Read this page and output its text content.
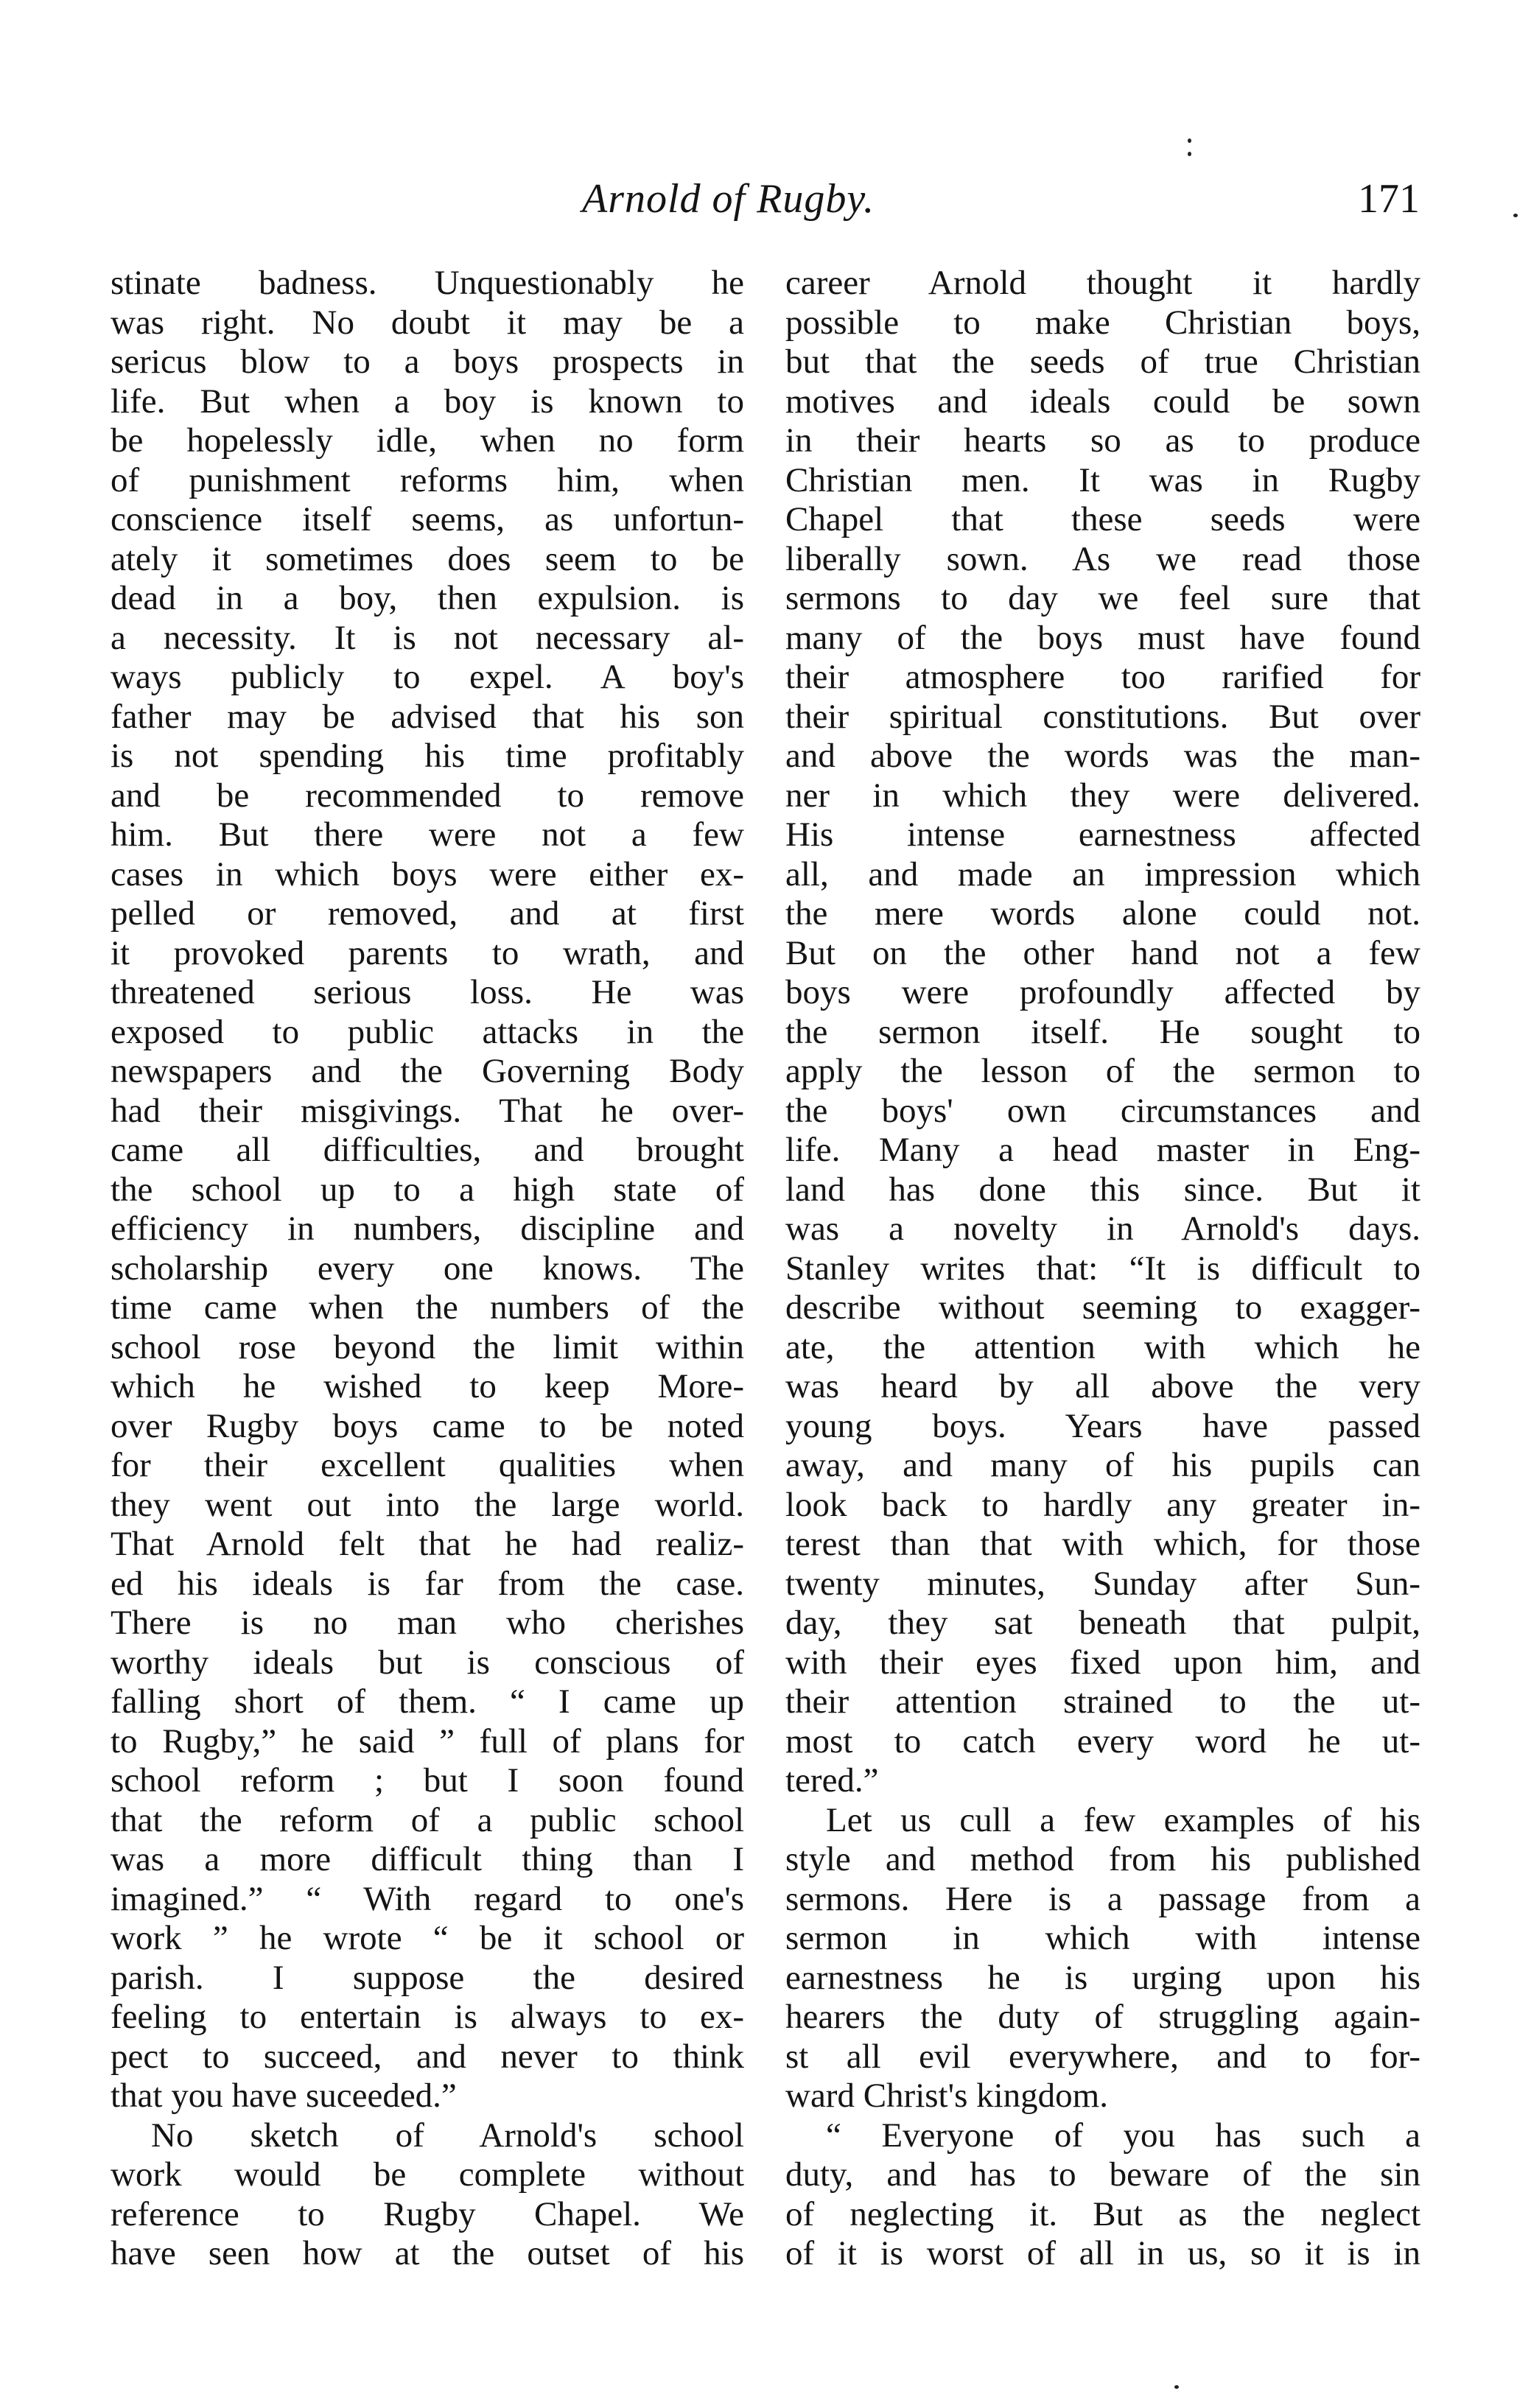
Arnold of Rugby.	171
stinate badness. Unquestionably he
was right. No doubt it may be a
sericus blow to a boys prospects in
life. But when a boy is known to
be hopelessly idle, when no form
of punishment reforms him, when
conscience itself seems, as unfortun-
ately it sometimes does seem to be
dead in a boy, then expulsion. is
a necessity. It is not necessary al-
ways publicly to expel. A boy's
father may be advised that his son
is not spending his time profitably
and be recommended to remove
him. But there were not a few
cases in which boys were either ex-
pelled or removed, and at first
it provoked parents to wrath, and
threatened serious loss. He was
exposed to public attacks in the
newspapers and the Governing Body
had their misgivings. That he over-
came all difficulties, and brought
the school up to a high state of
efficiency in numbers, discipline and
scholarship every one knows. The
time came when the numbers of the
school rose beyond the limit within
which he wished to keep More-
over Rugby boys came to be noted
for their excellent qualities when
they went out into the large world.
That Arnold felt that he had realiz-
ed his ideals is far from the case.
There is no man who cherishes
worthy ideals but is conscious of
falling short of them. “ I came up
to Rugby,” he said ” full of plans for
school reform ; but I soon found
that the reform of a public school
was a more difficult thing than I
imagined.” “ With regard to one's
work ” he wrote “ be it school or
parish. I suppose the desired
feeling to entertain is always to ex-
pect to succeed, and never to think
that you have suceeded.”
No sketch of Arnold's school
work would be complete without
reference to Rugby Chapel. We
have seen how at the outset of his
career Arnold thought it hardly
possible to make Christian boys,
but that the seeds of true Christian
motives and ideals could be sown
in their hearts so as to produce
Christian men. It was in Rugby
Chapel that these seeds were
liberally sown. As we read those
sermons to day we feel sure that
many of the boys must have found
their atmosphere too rarified for
their spiritual constitutions. But over
and above the words was the man-
ner in which they were delivered.
His intense earnestness affected
all, and made an impression which
the mere words alone could not.
But on the other hand not a few
boys were profoundly affected by
the sermon itself. He sought to
apply the lesson of the sermon to
the boys' own circumstances and
life. Many a head master in Eng-
land has done this since. But it
was a novelty in Arnold's days.
Stanley writes that: “It is difficult to
describe without seeming to exagger-
ate, the attention with which he
was heard by all above the very
young boys. Years have passed
away, and many of his pupils can
look back to hardly any greater in-
terest than that with which, for those
twenty minutes, Sunday after Sun-
day, they sat beneath that pulpit,
with their eyes fixed upon him, and
their attention strained to the ut-
most to catch every word he ut-
tered.”
Let us cull a few examples of his
style and method from his published
sermons. Here is a passage from a
sermon in which with intense
earnestness he is urging upon his
hearers the duty of struggling again-
st all evil everywhere, and to for-
ward Christ's kingdom.
“ Everyone of you has such a
duty, and has to beware of the sin
of neglecting it. But as the neglect
of it is worst of all in us, so it is in
